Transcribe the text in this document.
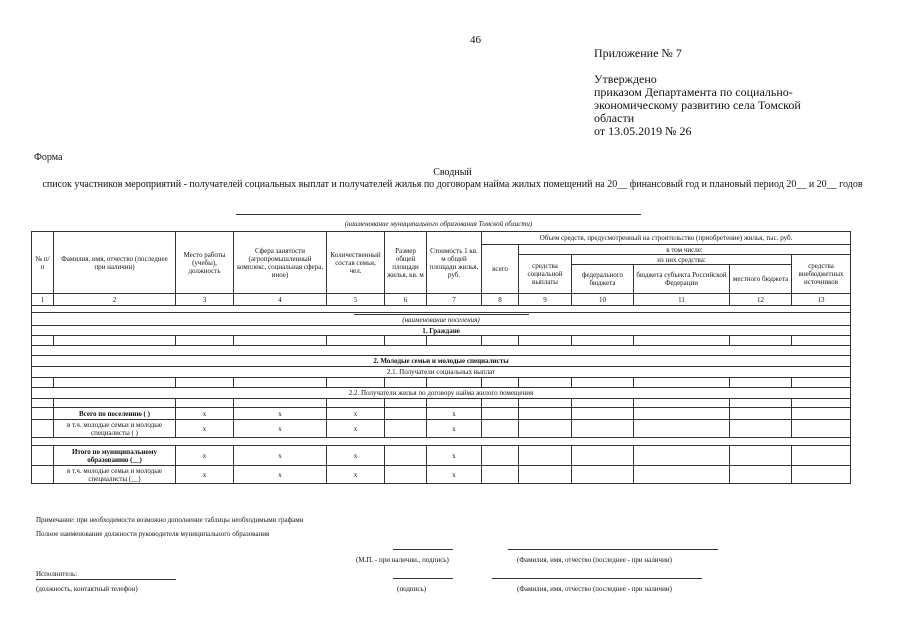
46
Приложение № 7
Утверждено
приказом Департамента по социально-
экономическому развитию села Томской
области
от 13.05.2019 № 26
Форма
Сводный
список участников мероприятий - получателей социальных выплат и получателей жилья по договорам найма жилых помещений на 20__ финансовый год и плановый период 20__ и 20__ годов
(наименование муниципального образования Томской области)
№ п/п	Фамилия, имя, отчество (последнее при наличии)	Место работы (учебы), должность	Сфера занятости (агропромышленный комплекс, социальная сфера, иное)	Количественный состав семьи, чел.	Размер общей площади жилья, кв. м	Стоимость 1 кв. м общей площади жилья, руб.	Объем средств, предусмотренный на строительство (приобретение) жилья, тыс. руб.					
							всего	в том числе:				
								средства социальной выплаты	из них средства:			средства внебюджетных источников
									федерального бюджета	бюджета субъекта Российской Федерации	местного бюджета	
1	2	3	4	5	6	7	8	9	10	11	12	13

(наименование поселения)												
1. Граждане												

2. Молодые семьи и молодые специалисты												
2.1. Получатели социальных выплат												

2.2. Получатели жилья по договору найма жилого помещения												

	Всего по поселению ( )	x	x	x		x						
	в т.ч. молодые семьи и молодые специалисты ( )	x	x	x		x						

	Итого по муниципальному образованию (__)	x	x	x		x						
	в т.ч. молодые семьи и молодые специалисты (__)	x	x	x		x						
Примечание: при необходимости возможно дополнение таблицы необходимыми графами
Полное наименование должности руководителя муниципального образования
(М.П. - при наличии., подпись)	(Фамилия, имя, отчество (последнее - при наличии)
Исполнитель:
(должность, контактный телефон)	(подпись)	(Фамилия, имя, отчество (последнее - при наличии)
